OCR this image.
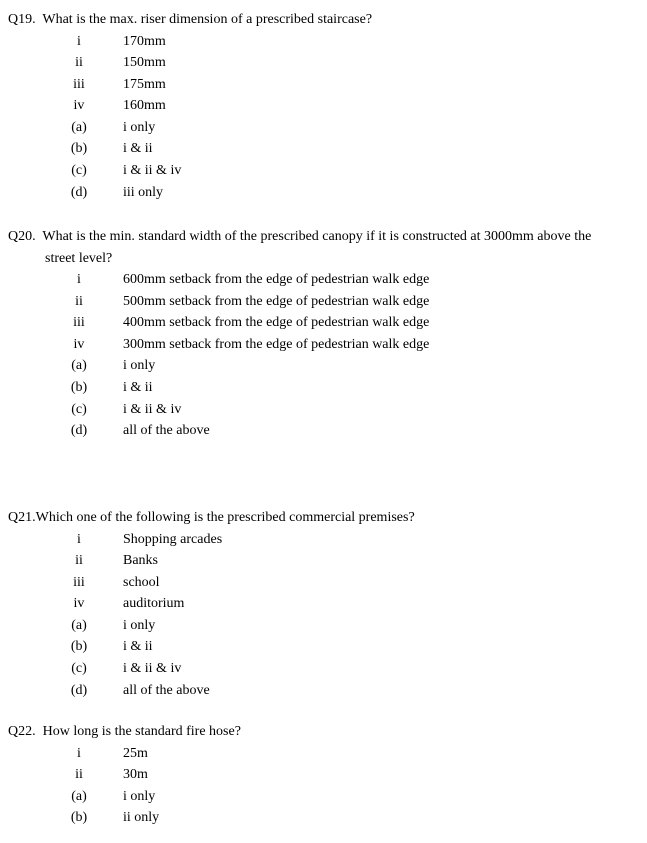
Q19. What is the max. riser dimension of a prescribed staircase?
i	170mm
ii	150mm
iii	175mm
iv	160mm
(a)	i only
(b)	i & ii
(c)	i & ii & iv
(d)	iii only
Q20. What is the min. standard width of the prescribed canopy if it is constructed at 3000mm above the
street level?
i	600mm setback from the edge of pedestrian walk edge
ii	500mm setback from the edge of pedestrian walk edge
iii	400mm setback from the edge of pedestrian walk edge
iv	300mm setback from the edge of pedestrian walk edge
(a)	i only
(b)	i & ii
(c)	i & ii & iv
(d)	all of the above
Q21.Which one of the following is the prescribed commercial premises?
i	Shopping arcades
ii	Banks
iii	school
iv	auditorium
(a)	i only
(b)	i & ii
(c)	i & ii & iv
(d)	all of the above
Q22. How long is the standard fire hose?
i	25m
ii	30m
(a)	i only
(b)	ii only
